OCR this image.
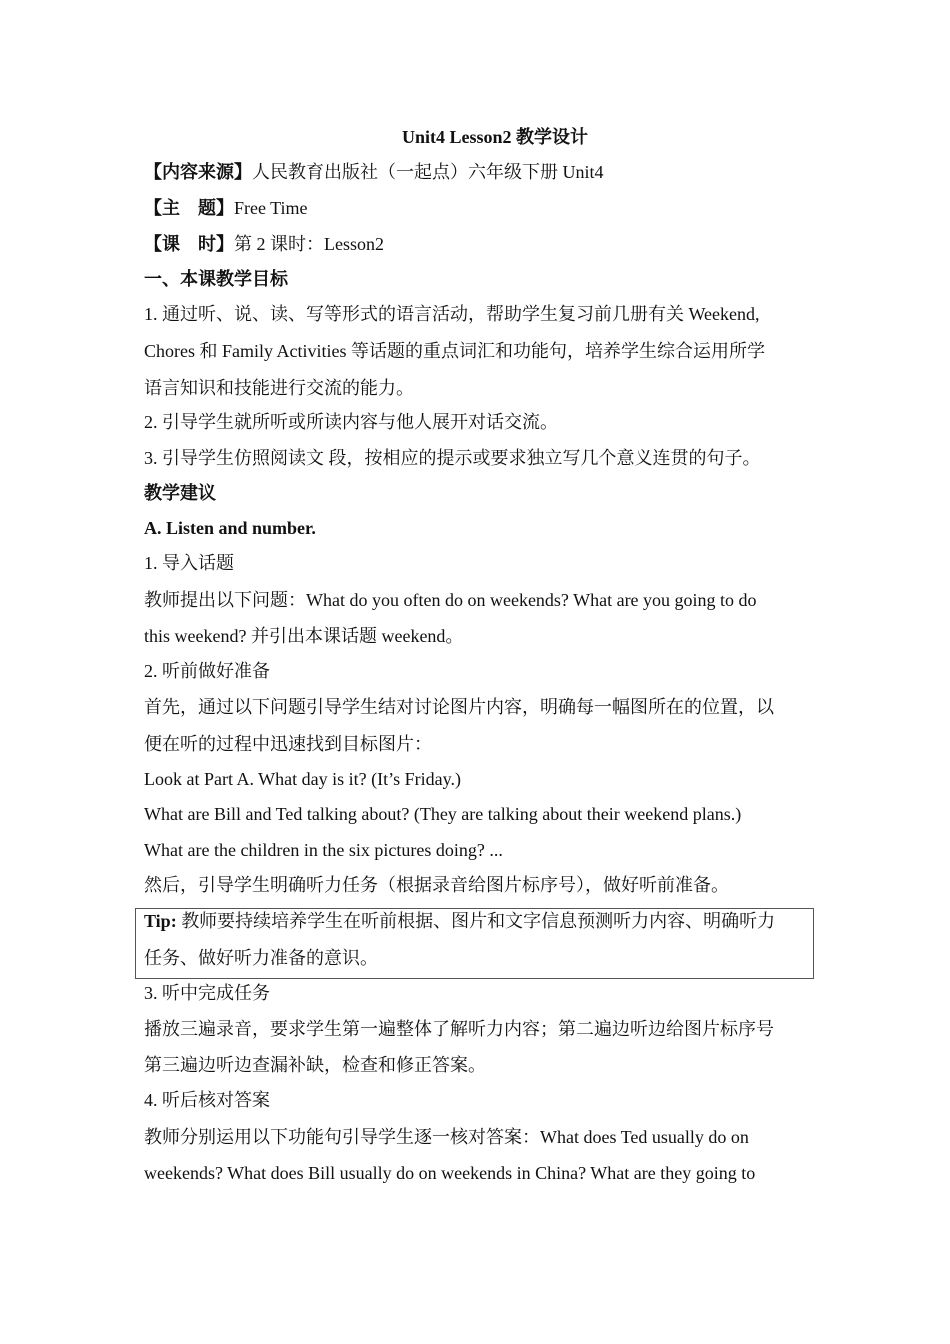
Unit4 Lesson2 教学设计
【内容来源】人民教育出版社（一起点）六年级下册 Unit4
【主　题】Free Time
【课　时】第 2 课时：Lesson2
一、本课教学目标
1. 通过听、说、读、写等形式的语言活动，帮助学生复习前几册有关 Weekend,
Chores 和 Family Activities 等话题的重点词汇和功能句，培养学生综合运用所学
语言知识和技能进行交流的能力。
2. 引导学生就所听或所读内容与他人展开对话交流。
3. 引导学生仿照阅读文 段，按相应的提示或要求独立写几个意义连贯的句子。
教学建议
A. Listen and number.
1. 导入话题
教师提出以下问题：What do you often do on weekends? What are you going to do
this weekend? 并引出本课话题 weekend。
2. 听前做好准备
首先，通过以下问题引导学生结对讨论图片内容，明确每一幅图所在的位置，以
便在听的过程中迅速找到目标图片：
Look at Part A. What day is it? (It’s Friday.)
What are Bill and Ted talking about? (They are talking about their weekend plans.)
What are the children in the six pictures doing? ...
然后，引导学生明确听力任务（根据录音给图片标序号），做好听前准备。
Tip: 教师要持续培养学生在听前根据、图片和文字信息预测听力内容、明确听力
任务、做好听力准备的意识。
3. 听中完成任务
播放三遍录音，要求学生第一遍整体了解听力内容；第二遍边听边给图片标序号
第三遍边听边查漏补缺，检查和修正答案。
4. 听后核对答案
教师分别运用以下功能句引导学生逐一核对答案：What does Ted usually do on
weekends? What does Bill usually do on weekends in China? What are they going to
